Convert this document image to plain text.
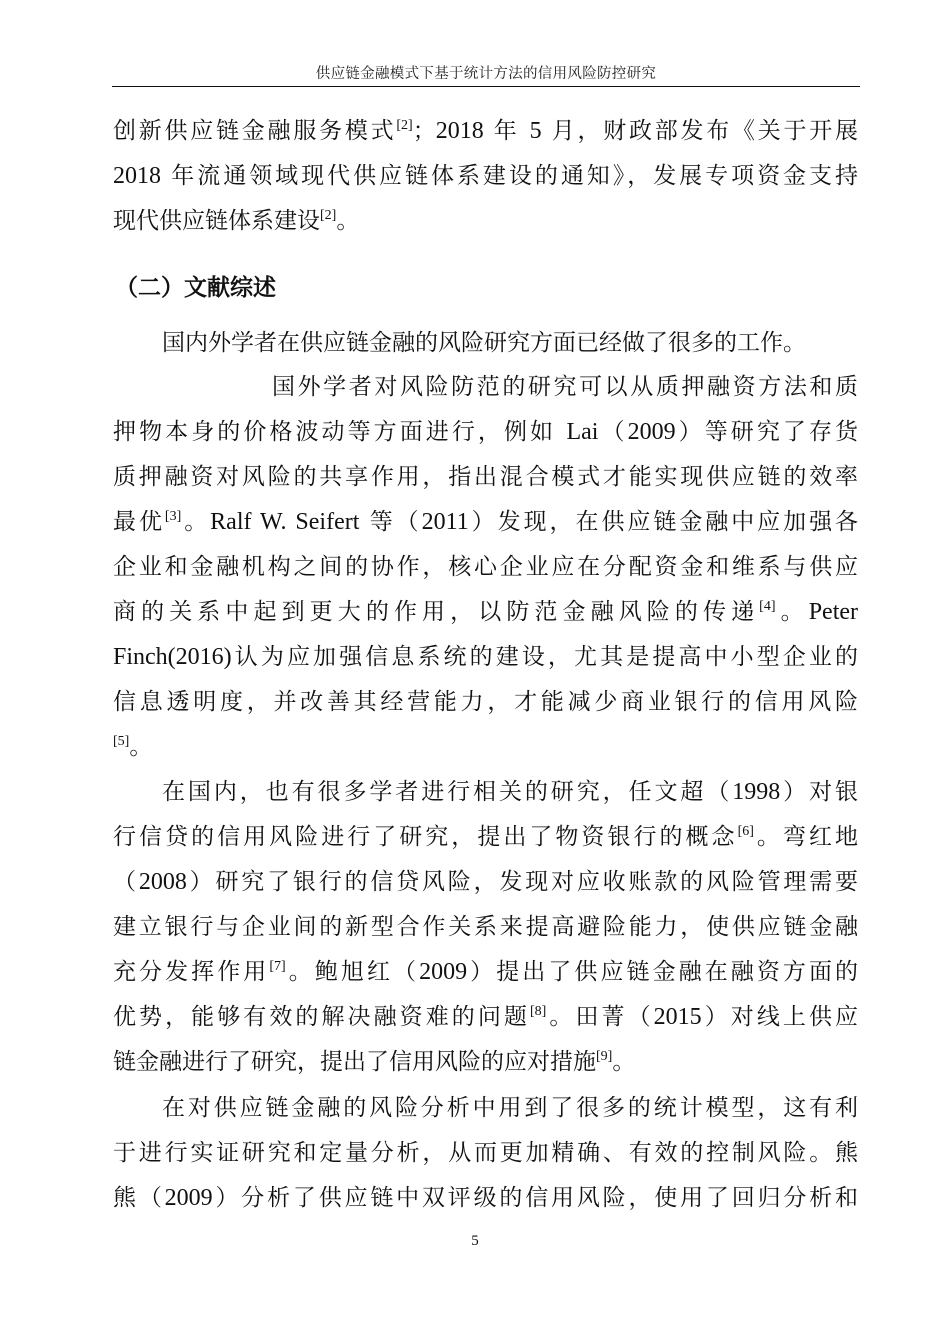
供应链金融模式下基于统计方法的信用风险防控研究
创新供应链金融服务模式[2]；2018 年 5 月，财政部发布《关于开展
2018 年流通领域现代供应链体系建设的通知》，发展专项资金支持
现代供应链体系建设[2]。
（二）文献综述
国内外学者在供应链金融的风险研究方面已经做了很多的工作。
国外学者对风险防范的研究可以从质押融资方法和质
押物本身的价格波动等方面进行，例如 Lai（2009）等研究了存货
质押融资对风险的共享作用，指出混合模式才能实现供应链的效率
最优[3]。Ralf W. Seifert 等（2011）发现，在供应链金融中应加强各
企业和金融机构之间的协作，核心企业应在分配资金和维系与供应
商的关系中起到更大的作用，以防范金融风险的传递[4]。Peter
Finch(2016)认为应加强信息系统的建设，尤其是提高中小型企业的
信息透明度，并改善其经营能力，才能减少商业银行的信用风险
[5]。
在国内，也有很多学者进行相关的研究，任文超（1998）对银
行信贷的信用风险进行了研究，提出了物资银行的概念[6]。弯红地
（2008）研究了银行的信贷风险，发现对应收账款的风险管理需要
建立银行与企业间的新型合作关系来提高避险能力，使供应链金融
充分发挥作用[7]。鲍旭红（2009）提出了供应链金融在融资方面的
优势，能够有效的解决融资难的问题[8]。田菁（2015）对线上供应
链金融进行了研究，提出了信用风险的应对措施[9]。
在对供应链金融的风险分析中用到了很多的统计模型，这有利
于进行实证研究和定量分析，从而更加精确、有效的控制风险。熊
熊（2009）分析了供应链中双评级的信用风险，使用了回归分析和
5
